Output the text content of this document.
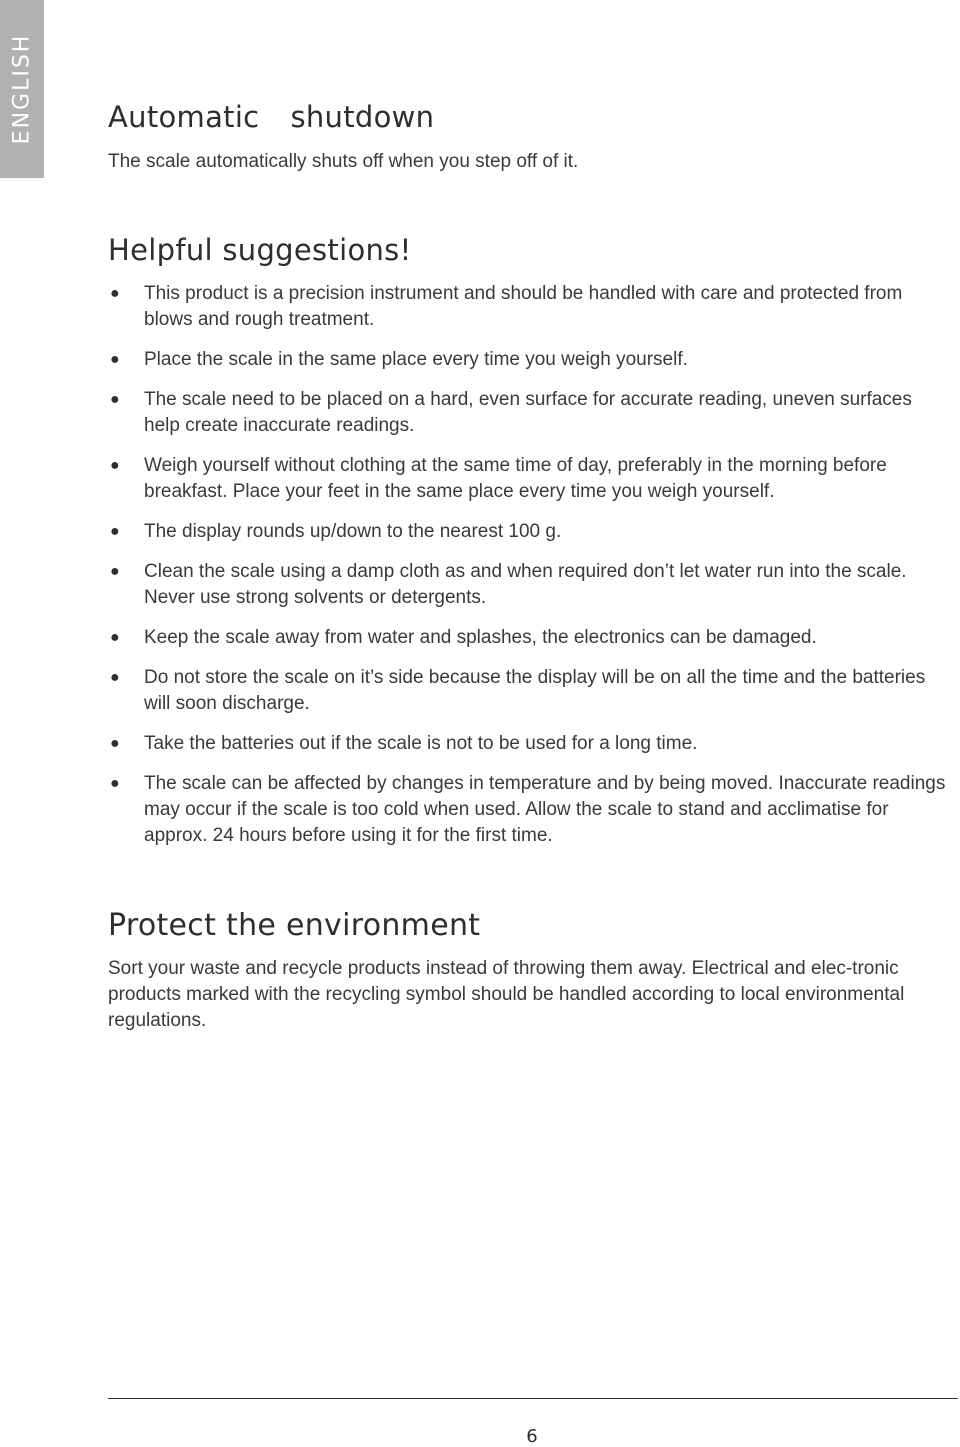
ENGLISH	Automatic  shutdown

The scale automatically shuts off when you step off of it.

Helpful suggestions!
● This product is a precision instrument and should be handled with care and protected from blows and rough treatment.
● Place the scale in the same place every time you weigh yourself.
● The scale need to be placed on a hard, even surface for accurate reading, uneven surfaces help create inaccurate readings.
● Weigh yourself without clothing at the same time of day, preferably in the morning before breakfast. Place your feet in the same place every time you weigh yourself.
● The display rounds up/down to the nearest 100 g.
● Clean the scale using a damp cloth as and when required don’t let water run into the scale. Never use strong solvents or detergents.
● Keep the scale away from water and splashes, the electronics can be damaged.
● Do not store the scale on it’s side because the display will be on all the time and the batteries will soon discharge.
● Take the batteries out if the scale is not to be used for a long time.
● The scale can be affected by changes in temperature and by being moved. Inaccurate readings may occur if the scale is too cold when used. Allow the scale to stand and acclimatise for approx. 24 hours before using it for the first time.
Protect the environment

Sort your waste and recycle products instead of throwing them away. Electrical and elec-tronic products marked with the recycling symbol should be handled according to local environmental regulations.

6
